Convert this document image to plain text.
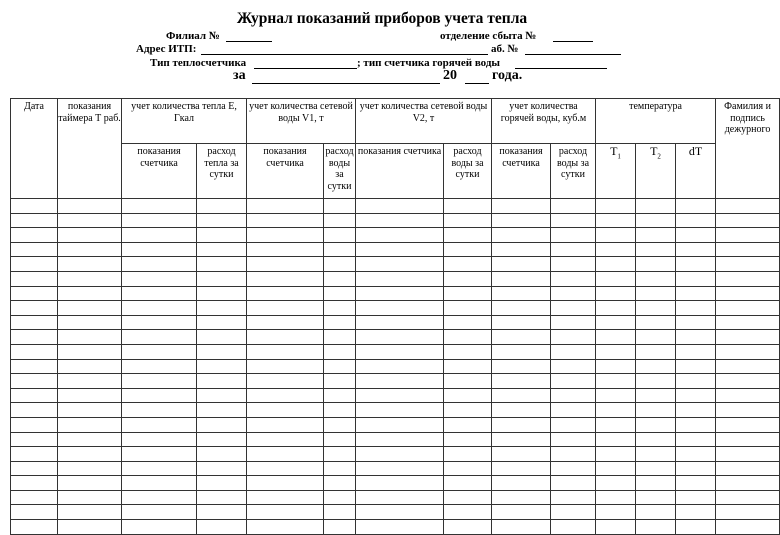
Журнал показаний приборов учета тепла
Филиал №	отделение сбыта №
Адрес ИТП:	аб. №
Тип теплосчетчика	; тип счетчика горячей воды
за	20	года.
Дата	показания таймера Т раб.	учет количества тепла Е, Гкал		учет количества сетевой воды V1, т		учет количества сетевой воды V2, т		учет количества горячей воды, куб.м		температура			Фамилия и подпись дежурного
		показания счетчика	расход тепла за сутки	показания счетчика	расход воды за сутки	показания счетчика	расход воды за сутки	показания счетчика	расход воды за сутки	$T_1$	$T_2$	dT	
